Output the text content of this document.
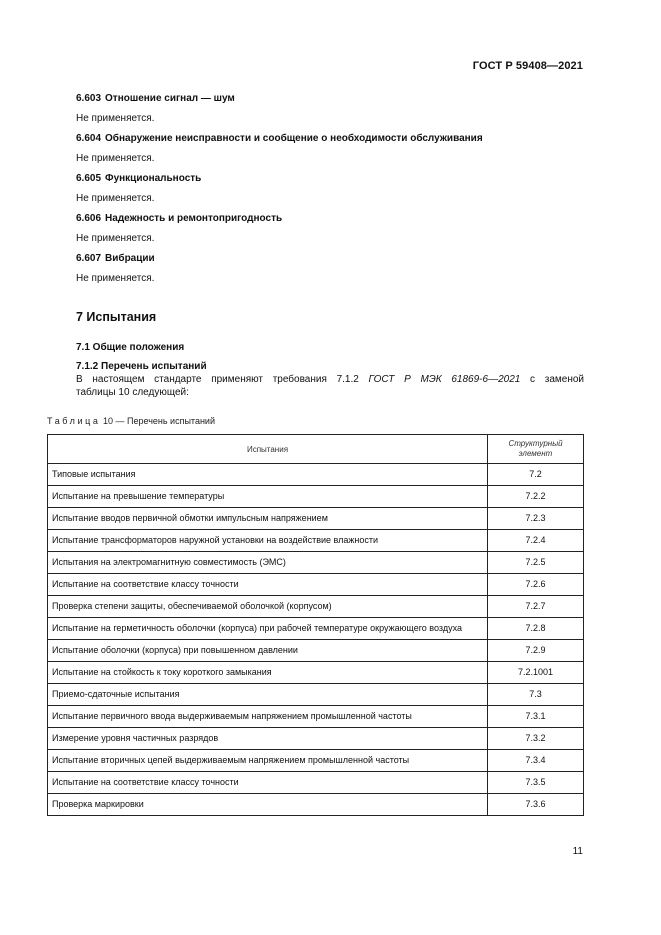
ГОСТ Р 59408—2021
6.603 Отношение сигнал — шум
Не применяется.
6.604 Обнаружение неисправности и сообщение о необходимости обслуживания
Не применяется.
6.605 Функциональность
Не применяется.
6.606 Надежность и ремонтопригодность
Не применяется.
6.607 Вибрации
Не применяется.
7 Испытания
7.1 Общие положения
7.1.2 Перечень испытаний
В настоящем стандарте применяют требования 7.1.2 ГОСТ Р МЭК 61869-6—2021 с заменой
таблицы 10 следующей:
Таблица 10 — Перечень испытаний
Испытания	Структурный элемент
Типовые испытания	7.2
Испытание на превышение температуры	7.2.2
Испытание вводов первичной обмотки импульсным напряжением	7.2.3
Испытание трансформаторов наружной установки на воздействие влажности	7.2.4
Испытания на электромагнитную совместимость (ЭМС)	7.2.5
Испытание на соответствие классу точности	7.2.6
Проверка степени защиты, обеспечиваемой оболочкой (корпусом)	7.2.7
Испытание на герметичность оболочки (корпуса) при рабочей температуре окружающего воздуха	7.2.8
Испытание оболочки (корпуса) при повышенном давлении	7.2.9
Испытание на стойкость к току короткого замыкания	7.2.1001
Приемо-сдаточные испытания	7.3
Испытание первичного ввода выдерживаемым напряжением промышленной частоты	7.3.1
Измерение уровня частичных разрядов	7.3.2
Испытание вторичных цепей выдерживаемым напряжением промышленной частоты	7.3.4
Испытание на соответствие классу точности	7.3.5
Проверка маркировки	7.3.6
11
